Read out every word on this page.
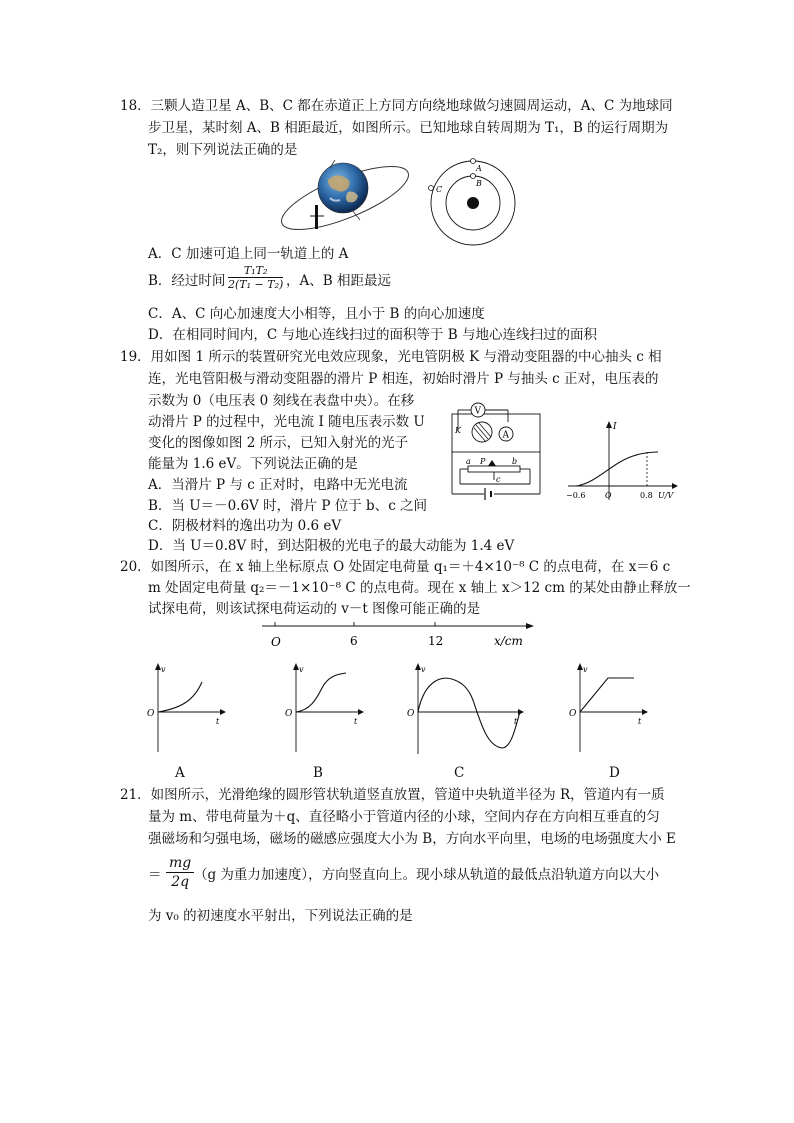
18．三颗人造卫星 A、B、C 都在赤道正上方同方向绕地球做匀速圆周运动，A、C 为地球同
步卫星，某时刻 A、B 相距最近，如图所示。已知地球自转周期为 T₁，B 的运行周期为
T₂，则下列说法正确的是
A
B
C
A．C 加速可追上同一轨道上的 A
B．经过时间 $\frac{\text{T₁T₂}}{\text{2(T₁ − T₂)}}$ ，A、B 相距最远
C．A、C 向心加速度大小相等，且小于 B 的向心加速度
D．在相同时间内，C 与地心连线扫过的面积等于 B 与地心连线扫过的面积
19．用如图 1 所示的装置研究光电效应现象，光电管阴极 K 与滑动变阻器的中心抽头 c 相
连，光电管阳极与滑动变阻器的滑片 P 相连，初始时滑片 P 与抽头 c 正对，电压表的
示数为 0（电压表 0 刻线在表盘中央）。在移
动滑片 P 的过程中，光电流 I 随电压表示数 U
变化的图像如图 2 所示，已知入射光的光子
能量为 1.6 eV。下列说法正确的是
A．当滑片 P 与 c 正对时，电路中无光电流
B．当 U＝－0.6V 时，滑片 P 位于 b、c 之间
C．阴极材料的逸出功为 0.6 eV
D．当 U＝0.8V 时，到达阳极的光电子的最大动能为 1.4 eV
V
K	A
a P	b
c
I
−0.6 O	0.8 U/V
20．如图所示，在 x 轴上坐标原点 O 处固定电荷量 q₁＝＋4×10⁻⁸ C 的点电荷，在 x＝6 c
m 处固定电荷量 q₂＝－1×10⁻⁸ C 的点电荷。现在 x 轴上 x＞12 cm 的某处由静止释放一
试探电荷，则该试探电荷运动的 v－t 图像可能正确的是
O	6	12	x/cm
v
t
O
A
v
t
O
B
v
t
O
C
v
t
O
D
21．如图所示，光滑绝缘的圆形管状轨道竖直放置，管道中央轨道半径为 R，管道内有一质
量为 m、带电荷量为＋q、直径略小于管道内径的小球，空间内存在方向相互垂直的匀
强磁场和匀强电场，磁场的磁感应强度大小为 B，方向水平向里，电场的电场强度大小 E
＝ $\frac{mg}{2q} (g$ 为重力加速度），方向竖直向上。现小球从轨道的最低点沿轨道方向以大小
为 v₀ 的初速度水平射出，下列说法正确的是
